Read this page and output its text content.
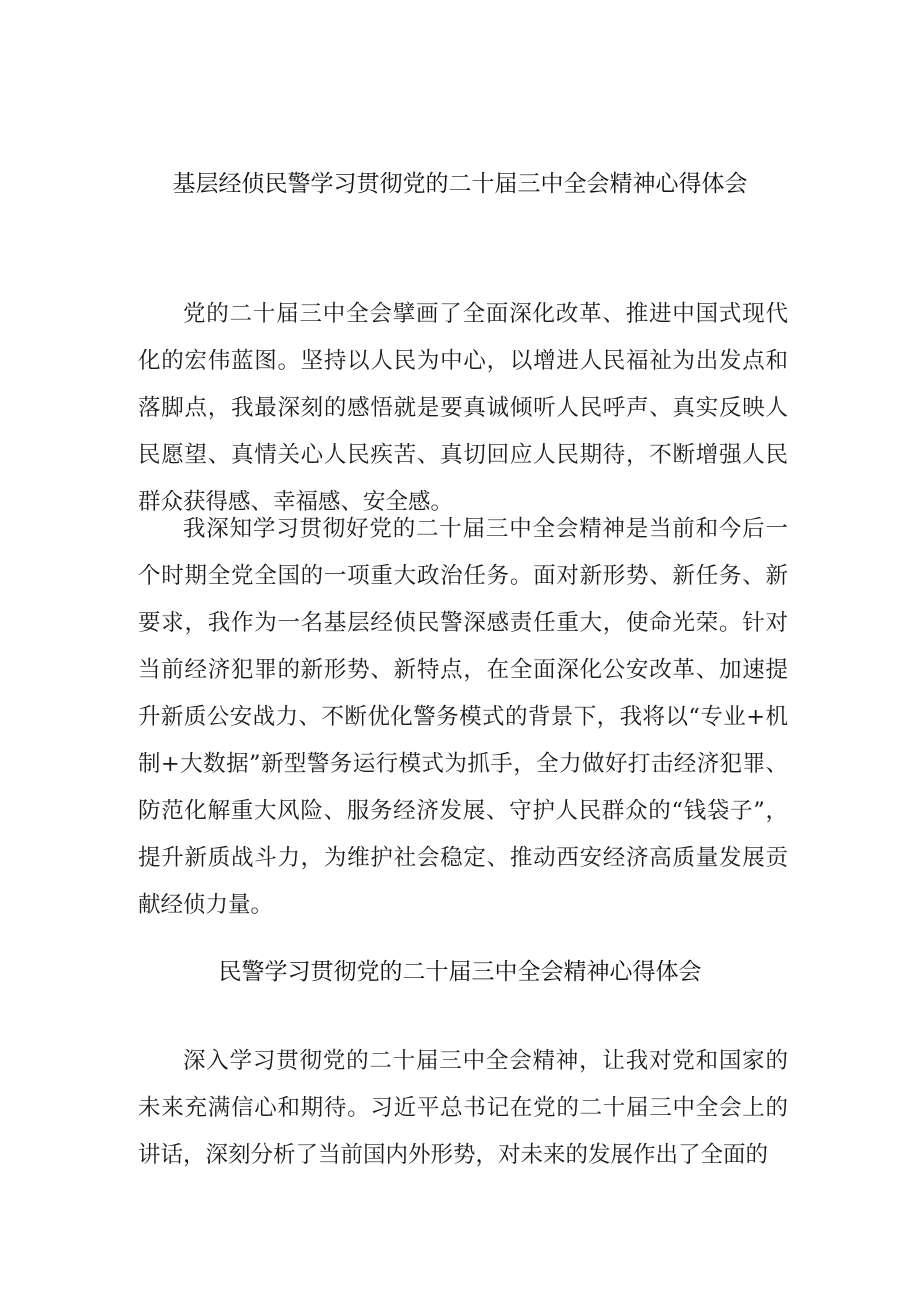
基层经侦民警学习贯彻党的二十届三中全会精神心得体会

党的二十届三中全会擘画了全面深化改革、推进中国式现代化的宏伟蓝图。坚持以人民为中心，以增进人民福祉为出发点和落脚点，我最深刻的感悟就是要真诚倾听人民呼声、真实反映人民愿望、真情关心人民疾苦、真切回应人民期待，不断增强人民群众获得感、幸福感、安全感。

我深知学习贯彻好党的二十届三中全会精神是当前和今后一个时期全党全国的一项重大政治任务。面对新形势、新任务、新要求，我作为一名基层经侦民警深感责任重大，使命光荣。针对当前经济犯罪的新形势、新特点，在全面深化公安改革、加速提升新质公安战力、不断优化警务模式的背景下，我将以“专业+机制+大数据”新型警务运行模式为抓手，全力做好打击经济犯罪、防范化解重大风险、服务经济发展、守护人民群众的“钱袋子”，提升新质战斗力，为维护社会稳定、推动西安经济高质量发展贡献经侦力量。

民警学习贯彻党的二十届三中全会精神心得体会

深入学习贯彻党的二十届三中全会精神，让我对党和国家的未来充满信心和期待。习近平总书记在党的二十届三中全会上的讲话，深刻分析了当前国内外形势，对未来的发展作出了全面的
